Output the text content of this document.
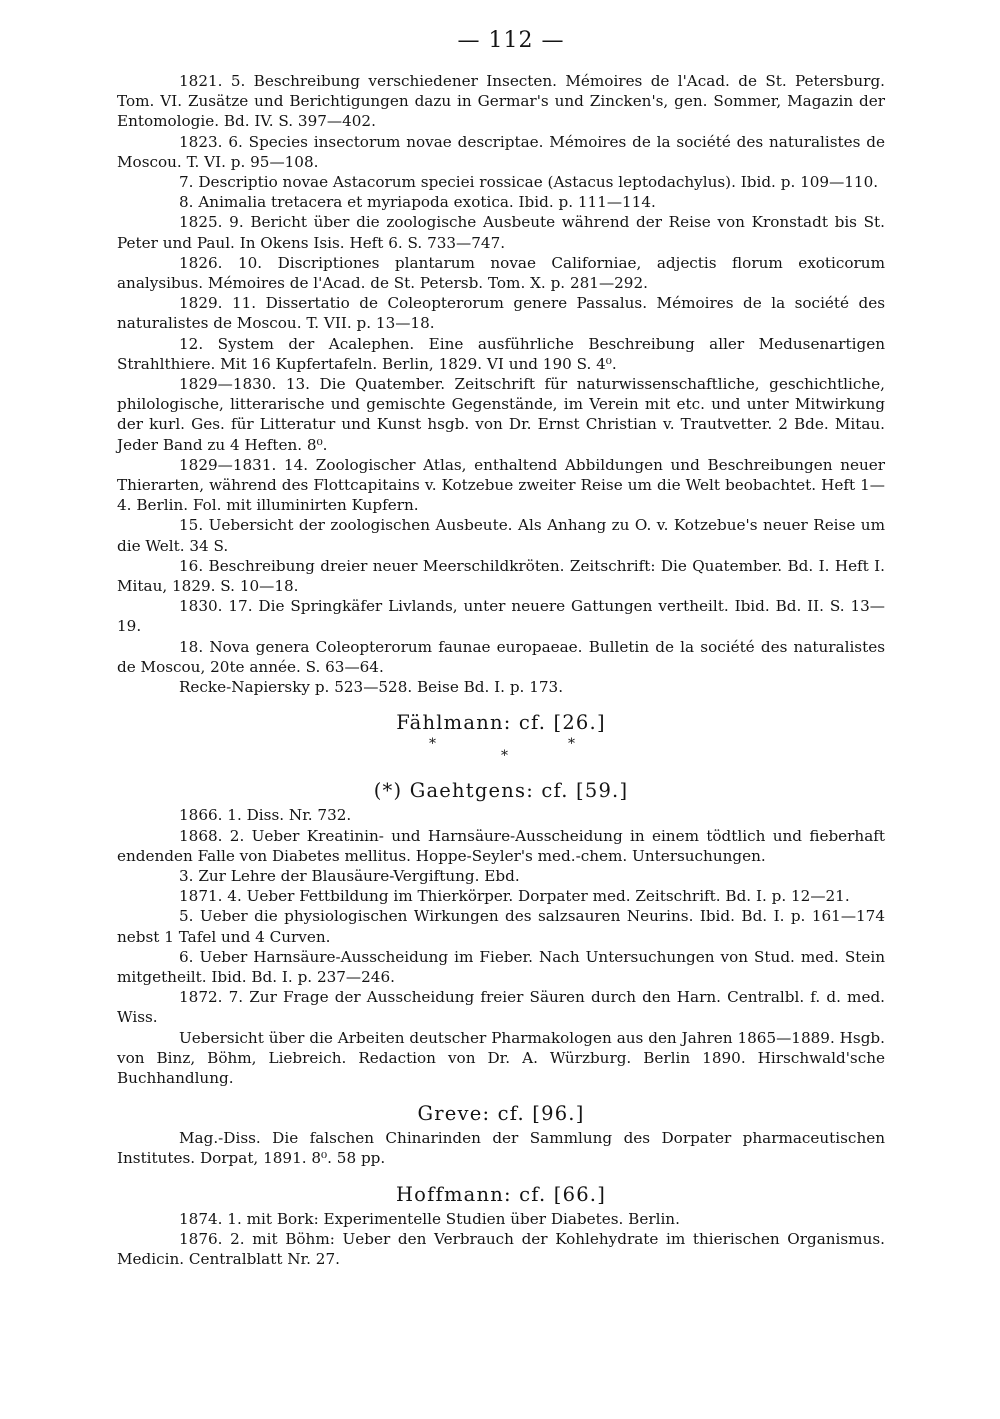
— 112 —

1821. 5. Beschreibung verschiedener Insecten. Mémoires de l'Acad. de St. Petersburg. Tom. VI. Zusätze und Berichtigungen dazu in Germar's und Zincken's, gen. Sommer, Magazin der Entomologie. Bd. IV. S. 397—402.

1823. 6. Species insectorum novae descriptae. Mémoires de la société des naturalistes de Moscou. T. VI. p. 95—108.

7. Descriptio novae Astacorum speciei rossicae (Astacus leptodachylus). Ibid. p. 109—110.

8. Animalia tretacera et myriapoda exotica. Ibid. p. 111—114.

1825. 9. Bericht über die zoologische Ausbeute während der Reise von Kronstadt bis St. Peter und Paul. In Okens Isis. Heft 6. S. 733—747.

1826. 10. Discriptiones plantarum novae Californiae, adjectis florum exoticorum analysibus. Mémoires de l'Acad. de St. Petersb. Tom. X. p. 281—292.

1829. 11. Dissertatio de Coleopterorum genere Passalus. Mémoires de la société des naturalistes de Moscou. T. VII. p. 13—18.

12. System der Acalephen. Eine ausführliche Beschreibung aller Medusenartigen Strahlthiere. Mit 16 Kupfertafeln. Berlin, 1829. VI und 190 S. 4⁰.

1829—1830. 13. Die Quatember. Zeitschrift für naturwissenschaftliche, geschichtliche, philologische, litterarische und gemischte Gegenstände, im Verein mit etc. und unter Mitwirkung der kurl. Ges. für Litteratur und Kunst hsgb. von Dr. Ernst Christian v. Trautvetter. 2 Bde. Mitau. Jeder Band zu 4 Heften. 8⁰.

1829—1831. 14. Zoologischer Atlas, enthaltend Abbildungen und Beschreibungen neuer Thierarten, während des Flottcapitains v. Kotzebue zweiter Reise um die Welt beobachtet. Heft 1—4. Berlin. Fol. mit illuminirten Kupfern.

15. Uebersicht der zoologischen Ausbeute. Als Anhang zu O. v. Kotzebue's neuer Reise um die Welt. 34 S.

16. Beschreibung dreier neuer Meerschildkröten. Zeitschrift: Die Quatember. Bd. I. Heft I. Mitau, 1829. S. 10—18.

1830. 17. Die Springkäfer Livlands, unter neuere Gattungen vertheilt. Ibid. Bd. II. S. 13—19.

18. Nova genera Coleopterorum faunae europaeae. Bulletin de la société des naturalistes de Moscou, 20te année. S. 63—64.

Recke-Napiersky p. 523—528. Beise Bd. I. p. 173.

Fählmann: cf. [26.]
*
*
*
(*) Gaehtgens: cf. [59.]

1866. 1. Diss. Nr. 732.

1868. 2. Ueber Kreatinin- und Harnsäure-Ausscheidung in einem tödtlich und fieberhaft endenden Falle von Diabetes mellitus. Hoppe-Seyler's med.-chem. Untersuchungen.

3. Zur Lehre der Blausäure-Vergiftung. Ebd.

1871. 4. Ueber Fettbildung im Thierkörper. Dorpater med. Zeitschrift. Bd. I. p. 12—21.

5. Ueber die physiologischen Wirkungen des salzsauren Neurins. Ibid. Bd. I. p. 161—174 nebst 1 Tafel und 4 Curven.

6. Ueber Harnsäure-Ausscheidung im Fieber. Nach Untersuchungen von Stud. med. Stein mitgetheilt. Ibid. Bd. I. p. 237—246.

1872. 7. Zur Frage der Ausscheidung freier Säuren durch den Harn. Centralbl. f. d. med. Wiss.

Uebersicht über die Arbeiten deutscher Pharmakologen aus den Jahren 1865—1889. Hsgb. von Binz, Böhm, Liebreich. Redaction von Dr. A. Würzburg. Berlin 1890. Hirschwald'sche Buchhandlung.

Greve: cf. [96.]

Mag.-Diss. Die falschen Chinarinden der Sammlung des Dorpater pharmaceutischen Institutes. Dorpat, 1891. 8⁰. 58 pp.

Hoffmann: cf. [66.]

1874. 1. mit Bork: Experimentelle Studien über Diabetes. Berlin.

1876. 2. mit Böhm: Ueber den Verbrauch der Kohlehydrate im thierischen Organismus. Medicin. Centralblatt Nr. 27.
